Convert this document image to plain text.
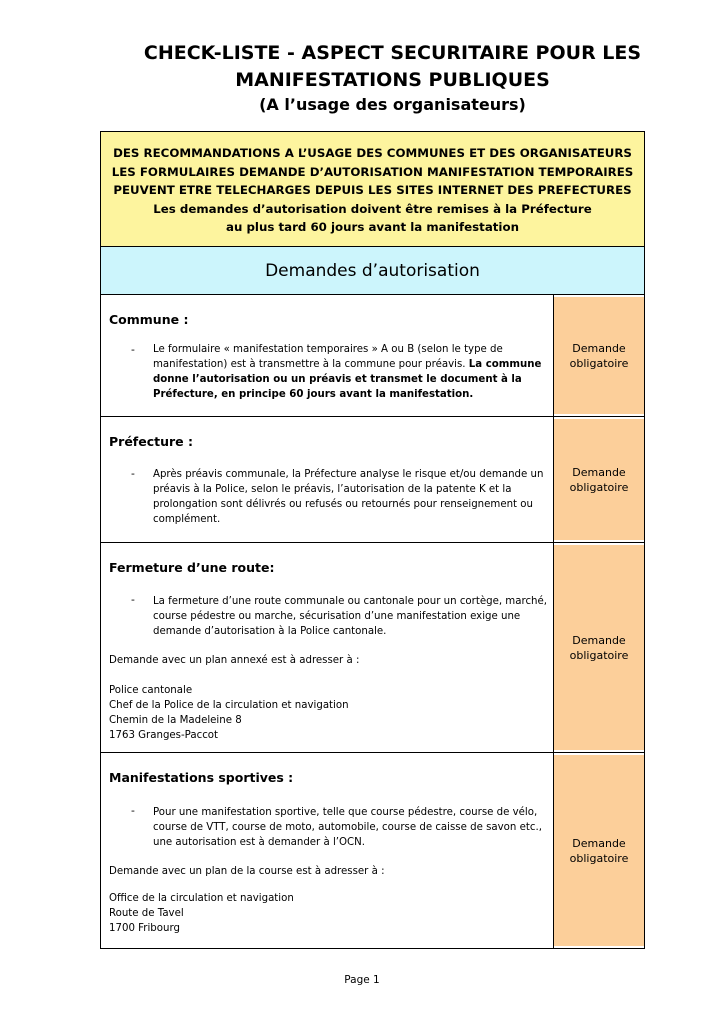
CHECK-LISTE - ASPECT SECURITAIRE POUR LES
MANIFESTATIONS PUBLIQUES
(A l’usage des organisateurs)
DES RECOMMANDATIONS A L’USAGE DES COMMUNES ET DES ORGANISATEURS
LES FORMULAIRES DEMANDE D’AUTORISATION MANIFESTATION TEMPORAIRES
PEUVENT ETRE TELECHARGES DEPUIS LES SITES INTERNET DES PREFECTURES
Les demandes d’autorisation doivent être remises à la Préfecture
au plus tard 60 jours avant la manifestation
Demandes d’autorisation
Commune :
- Le formulaire « manifestation temporaires » A ou B (selon le type de manifestation) est à transmettre à la commune pour préavis. La commune donne l’autorisation ou un préavis et transmet le document à la Préfecture, en principe 60 jours avant la manifestation.
Demande
obligatoire
Préfecture :
- Après préavis communale, la Préfecture analyse le risque et/ou demande un préavis à la Police, selon le préavis, l’autorisation de la patente K et la prolongation sont délivrés ou refusés ou retournés pour renseignement ou complément.
Demande
obligatoire
Fermeture d’une route:
- La fermeture d’une route communale ou cantonale pour un cortège, marché, course pédestre ou marche, sécurisation d’une manifestation exige une demande d’autorisation à la Police cantonale.
Demande avec un plan annexé est à adresser à :
Police cantonale
Chef de la Police de la circulation et navigation
Chemin de la Madeleine 8
1763 Granges-Paccot
Demande
obligatoire
Manifestations sportives :
- Pour une manifestation sportive, telle que course pédestre, course de vélo, course de VTT, course de moto, automobile, course de caisse de savon etc., une autorisation est à demander à l’OCN.
Demande avec un plan de la course est à adresser à :
Office de la circulation et navigation
Route de Tavel
1700 Fribourg
Demande
obligatoire
Page 1
